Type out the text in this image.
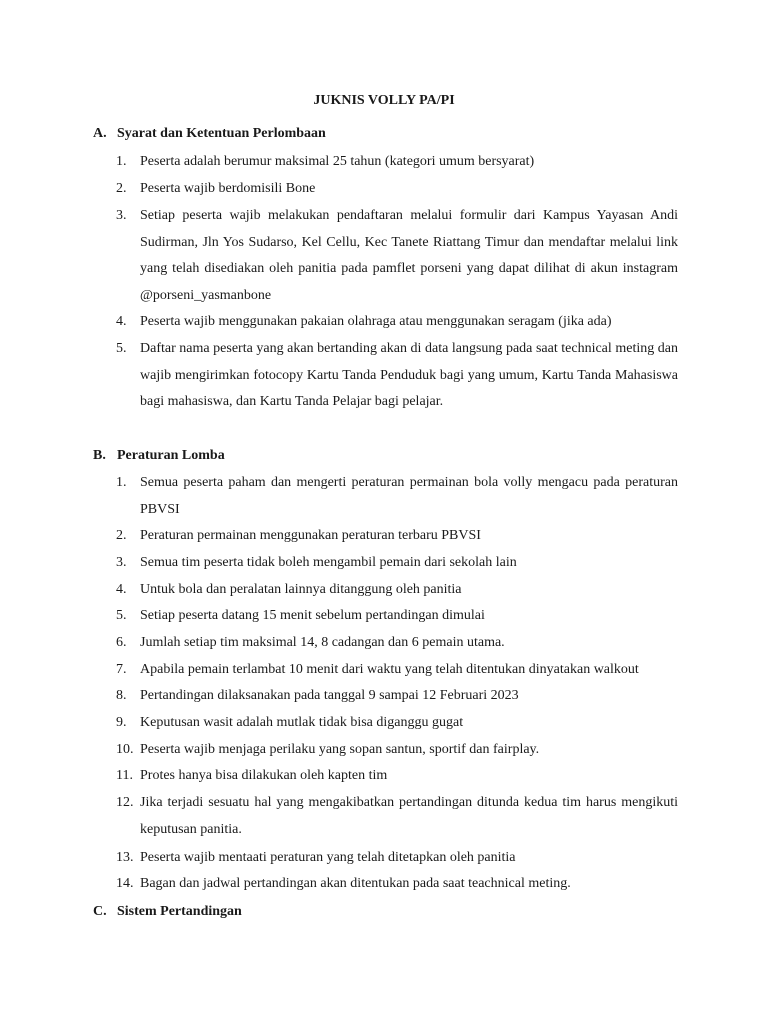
JUKNIS VOLLY PA/PI
A. Syarat dan Ketentuan Perlombaan
1. Peserta adalah berumur maksimal 25 tahun (kategori umum bersyarat)
2. Peserta wajib berdomisili Bone
3. Setiap peserta wajib melakukan pendaftaran melalui formulir dari Kampus Yayasan Andi Sudirman, Jln Yos Sudarso, Kel Cellu, Kec Tanete Riattang Timur dan mendaftar melalui link yang telah disediakan oleh panitia pada pamflet porseni yang dapat dilihat di akun instagram @porseni_yasmanbone
4. Peserta wajib menggunakan pakaian olahraga atau menggunakan seragam (jika ada)
5. Daftar nama peserta yang akan bertanding akan di data langsung pada saat technical meting dan wajib mengirimkan fotocopy Kartu Tanda Penduduk bagi yang umum, Kartu Tanda Mahasiswa bagi mahasiswa, dan Kartu Tanda Pelajar bagi pelajar.
B. Peraturan Lomba
1. Semua peserta paham dan mengerti peraturan permainan bola volly mengacu pada peraturan PBVSI
2. Peraturan permainan menggunakan peraturan terbaru PBVSI
3. Semua tim peserta tidak boleh mengambil pemain dari sekolah lain
4. Untuk bola dan peralatan lainnya ditanggung oleh panitia
5. Setiap peserta datang 15 menit sebelum pertandingan dimulai
6. Jumlah setiap tim maksimal 14, 8 cadangan dan 6 pemain utama.
7. Apabila pemain terlambat 10 menit dari waktu yang telah ditentukan dinyatakan walkout
8. Pertandingan dilaksanakan pada tanggal 9 sampai 12 Februari 2023
9. Keputusan wasit adalah mutlak tidak bisa diganggu gugat
10. Peserta wajib menjaga perilaku yang sopan santun, sportif dan fairplay.
11. Protes hanya bisa dilakukan oleh kapten tim
12. Jika terjadi sesuatu hal yang mengakibatkan pertandingan ditunda kedua tim harus mengikuti keputusan panitia.
13. Peserta wajib mentaati peraturan yang telah ditetapkan oleh panitia
14. Bagan dan jadwal pertandingan akan ditentukan pada saat teachnical meting.
C. Sistem Pertandingan
